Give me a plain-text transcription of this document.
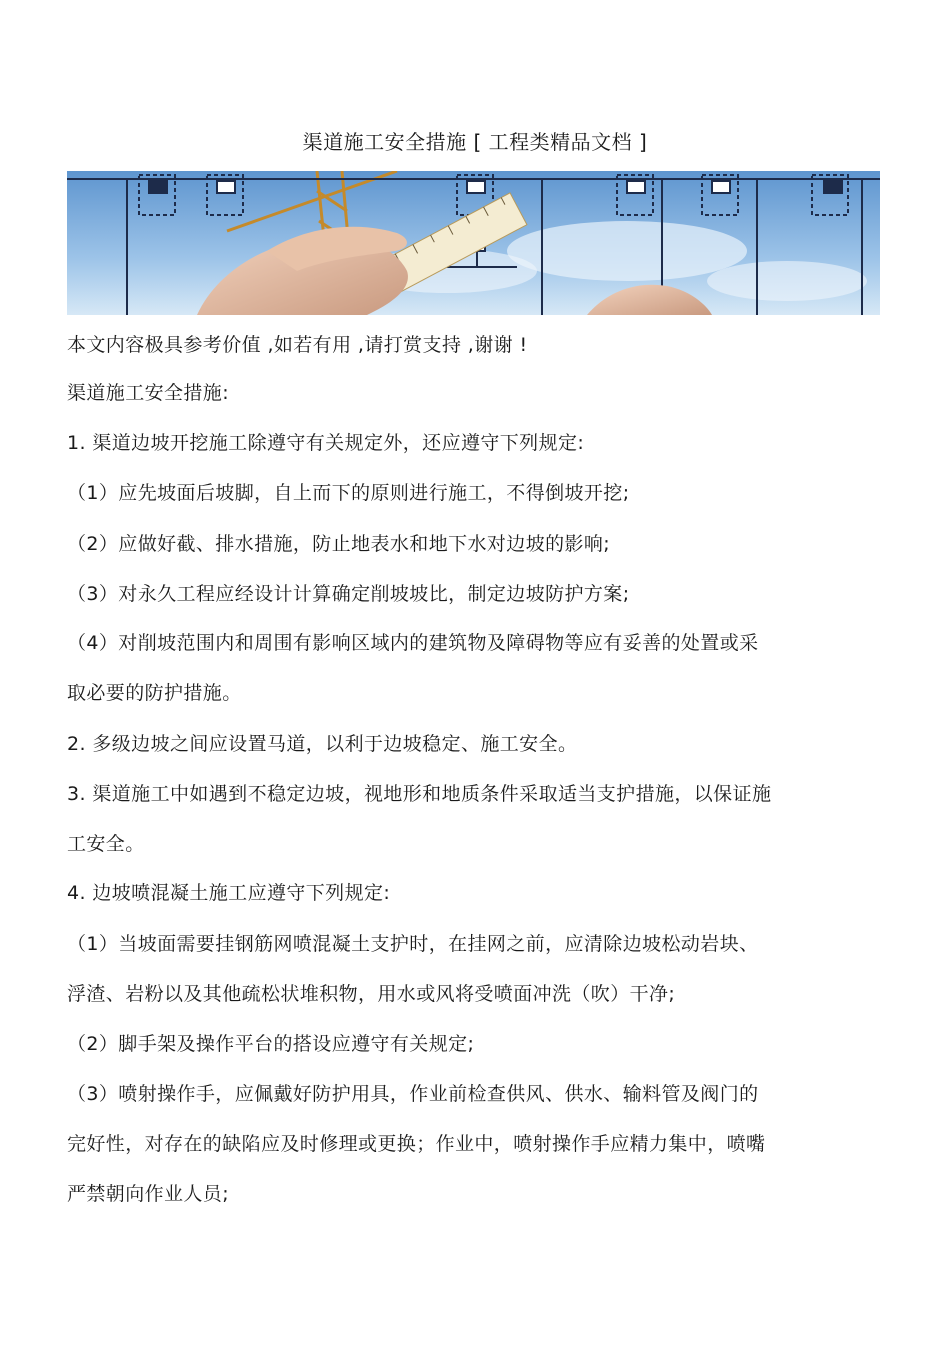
渠道施工安全措施 [ 工程类精品文档 ]
本文内容极具参考价值 ,如若有用 ,请打赏支持 ,谢谢 !
渠道施工安全措施:
1. 渠道边坡开挖施工除遵守有关规定外，还应遵守下列规定:
（1）应先坡面后坡脚，自上而下的原则进行施工，不得倒坡开挖;
（2）应做好截、排水措施，防止地表水和地下水对边坡的影响;
（3）对永久工程应经设计计算确定削坡坡比，制定边坡防护方案;
（4）对削坡范围内和周围有影响区域内的建筑物及障碍物等应有妥善的处置或采
取必要的防护措施。
2. 多级边坡之间应设置马道，以利于边坡稳定、施工安全。
3. 渠道施工中如遇到不稳定边坡，视地形和地质条件采取适当支护措施，以保证施
工安全。
4. 边坡喷混凝土施工应遵守下列规定:
（1）当坡面需要挂钢筋网喷混凝土支护时，在挂网之前，应清除边坡松动岩块、
浮渣、岩粉以及其他疏松状堆积物，用水或风将受喷面冲洗（吹）干净;
（2）脚手架及操作平台的搭设应遵守有关规定;
（3）喷射操作手，应佩戴好防护用具，作业前检查供风、供水、输料管及阀门的
完好性，对存在的缺陷应及时修理或更换；作业中，喷射操作手应精力集中，喷嘴
严禁朝向作业人员;
